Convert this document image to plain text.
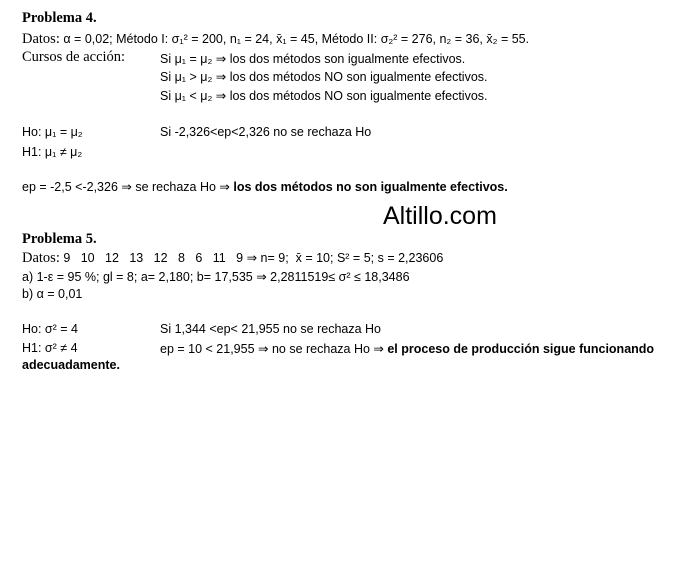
Problema 4.
Datos: α = 0,02; Método I: σ₁² = 200, n₁ = 24, x̄₁ = 45, Método II: σ₂² = 276, n₂ = 36, x̄₂ = 55.
Cursos de acción:	Si μ₁ = μ₂ ⇒ los dos métodos son igualmente efectivos.
Si μ₁ > μ₂ ⇒ los dos métodos NO son igualmente efectivos.
Si μ₁ < μ₂ ⇒ los dos métodos NO son igualmente efectivos.
Ho: μ₁ = μ₂	Si -2,326<ep<2,326 no se rechaza Ho
H1: μ₁ ≠ μ₂
ep = -2,5 <-2,326 ⇒ se rechaza Ho ⇒ los dos métodos no son igualmente efectivos.
Altillo.com
Problema 5.
Datos: 9   10   12   13   12   8   6   11   9 ⇒ n= 9;  x̄ = 10; S² = 5; s = 2,23606
a) 1-ε = 95 %; gl = 8; a= 2,180; b= 17,535 ⇒ 2,2811519≤ σ² ≤ 18,3486
b) α = 0,01
Ho: σ² = 4	Si 1,344 <ep< 21,955 no se rechaza Ho
H1: σ² ≠ 4	ep = 10 < 21,955 ⇒ no se rechaza Ho ⇒ el proceso de producción sigue funcionando
adecuadamente.
